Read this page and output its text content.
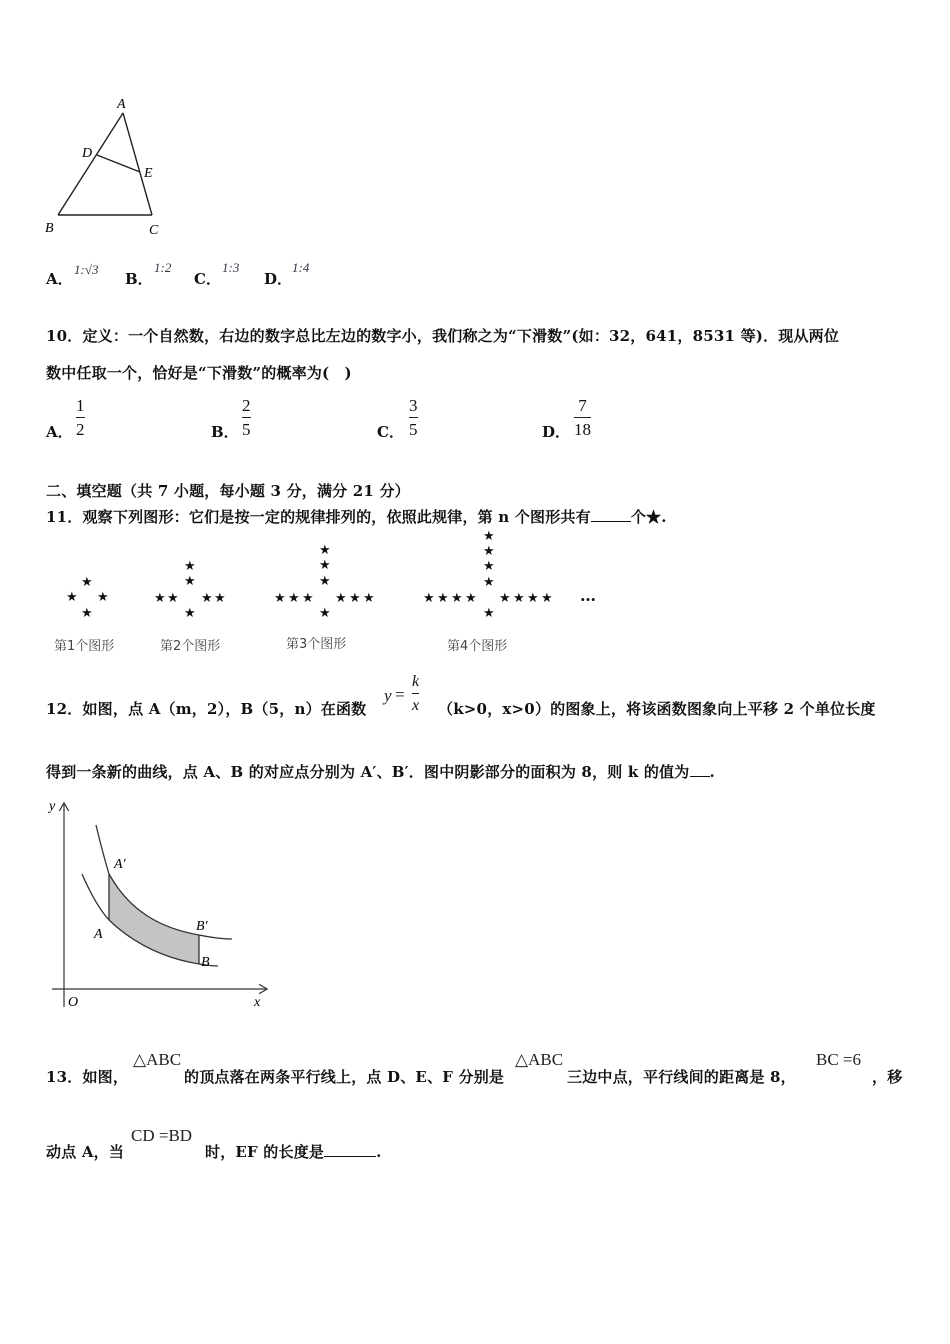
A
D
E
B	C
A．
1:√3
B．
1:2
C．
1:3
D．
1:4
10．定义：一个自然数，右边的数字总比左边的数字小，我们称之为“下滑数”(如：32，641，8531 等)．现从两位
数中任取一个，恰好是“下滑数”的概率为(　)
A．
1
2	B．
2
5	C．
3
5	D．
7
18
二、填空题（共 7 小题，每小题 3 分，满分 21 分）
11．观察下列图形：它们是按一定的规律排列的，依照此规律，第 n 个图形共有	个★.
★
★ ★
★
★
★
★ ★ ★ ★
★
★
★
★
★ ★ ★ ★ ★ ★
★
★
★
★
★
★ ★ ★ ★ ★ ★ ★ ★
★
…
第1个图形	第2个图形	第3个图形	第4个图形
12．如图，点 A（m，2），B（5，n）在函数
y =
k
x （k>0，x>0）的图象上，将该函数图象向上平移 2 个单位长度
得到一条新的曲线，点 A、B 的对应点分别为 A′、B′．图中阴影部分的面积为 8，则 k 的值为 .
y
x
O
A′
A
B′
B
13．如图，
△ABC
的顶点落在两条平行线上，点 D、E、F 分别是
△ABC
三边中点，平行线间的距离是 8，
BC =6
，移
动点 A，当
CD =BD
时，EF 的长度是	.
